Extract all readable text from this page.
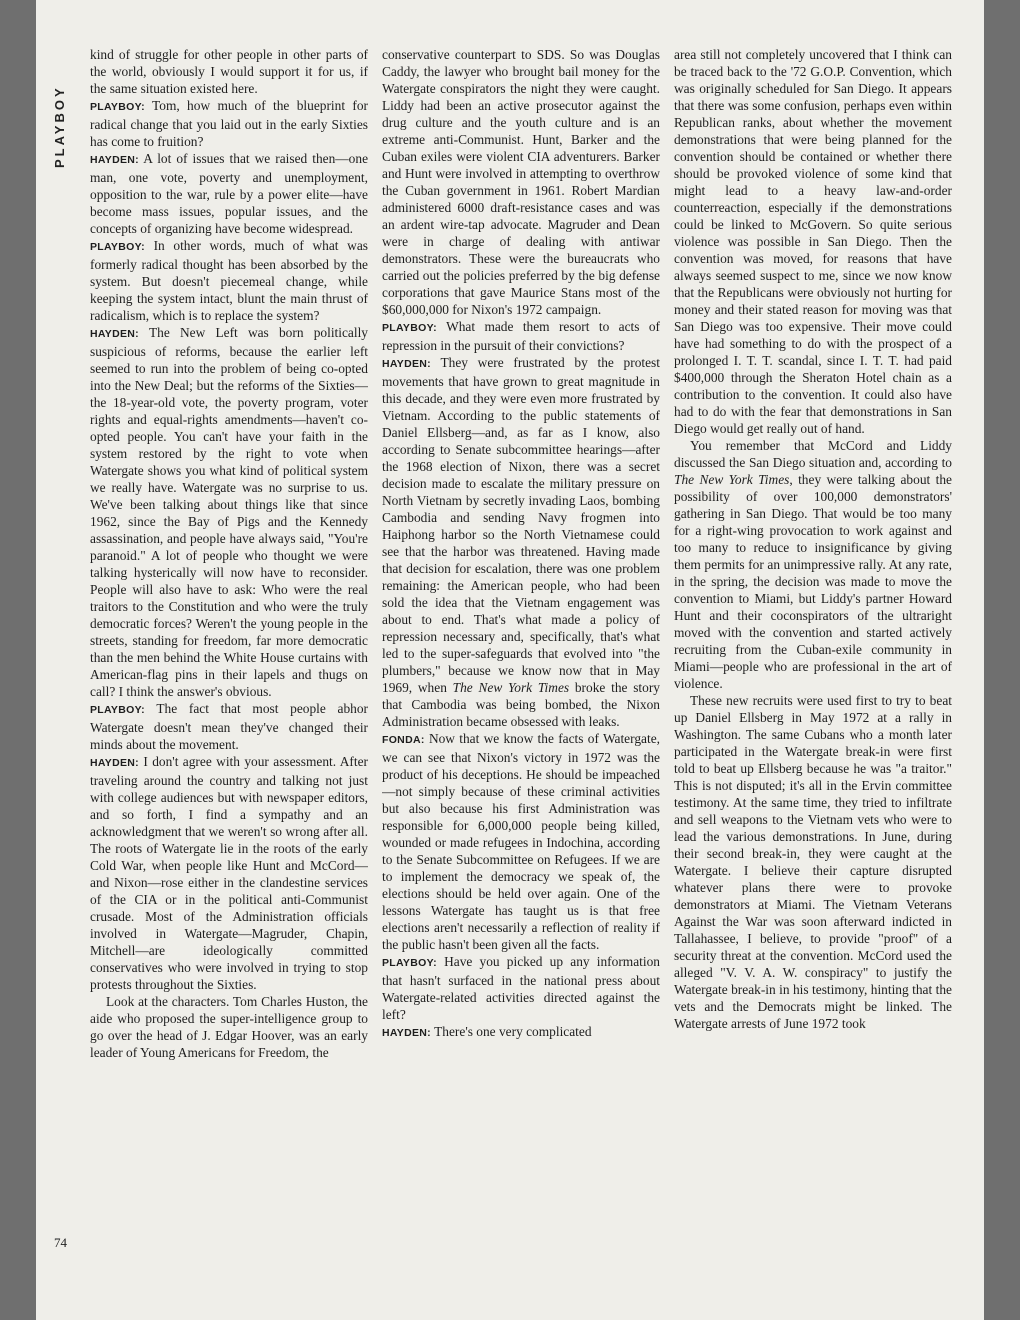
PLAYBOY

kind of struggle for other people in other parts of the world, obviously I would support it for us, if the same situation existed here.

PLAYBOY: Tom, how much of the blueprint for radical change that you laid out in the early Sixties has come to fruition?

HAYDEN: A lot of issues that we raised then—one man, one vote, poverty and unemployment, opposition to the war, rule by a power elite—have become mass issues, popular issues, and the concepts of organizing have become widespread.

PLAYBOY: In other words, much of what was formerly radical thought has been absorbed by the system. But doesn't piecemeal change, while keeping the system intact, blunt the main thrust of radicalism, which is to replace the system?

HAYDEN: The New Left was born politically suspicious of reforms, because the earlier left seemed to run into the problem of being co-opted into the New Deal; but the reforms of the Sixties—the 18-year-old vote, the poverty program, voter rights and equal-rights amendments—haven't co-opted people. You can't have your faith in the system restored by the right to vote when Watergate shows you what kind of political system we really have. Watergate was no surprise to us. We've been talking about things like that since 1962, since the Bay of Pigs and the Kennedy assassination, and people have always said, "You're paranoid." A lot of people who thought we were talking hysterically will now have to reconsider. People will also have to ask: Who were the real traitors to the Constitution and who were the truly democratic forces? Weren't the young people in the streets, standing for freedom, far more democratic than the men behind the White House curtains with American-flag pins in their lapels and thugs on call? I think the answer's obvious.

PLAYBOY: The fact that most people abhor Watergate doesn't mean they've changed their minds about the movement.

HAYDEN: I don't agree with your assessment. After traveling around the country and talking not just with college audiences but with newspaper editors, and so forth, I find a sympathy and an acknowledgment that we weren't so wrong after all. The roots of Watergate lie in the roots of the early Cold War, when people like Hunt and McCord—and Nixon—rose either in the clandestine services of the CIA or in the political anti-Communist crusade. Most of the Administration officials involved in Watergate—Magruder, Chapin, Mitchell—are ideologically committed conservatives who were involved in trying to stop protests throughout the Sixties.

Look at the characters. Tom Charles Huston, the aide who proposed the super-intelligence group to go over the head of J. Edgar Hoover, was an early leader of Young Americans for Freedom, the

conservative counterpart to SDS. So was Douglas Caddy, the lawyer who brought bail money for the Watergate conspirators the night they were caught. Liddy had been an active prosecutor against the drug culture and the youth culture and is an extreme anti-Communist. Hunt, Barker and the Cuban exiles were violent CIA adventurers. Barker and Hunt were involved in attempting to overthrow the Cuban government in 1961. Robert Mardian administered 6000 draft-resistance cases and was an ardent wire-tap advocate. Magruder and Dean were in charge of dealing with antiwar demonstrators. These were the bureaucrats who carried out the policies preferred by the big defense corporations that gave Maurice Stans most of the $60,000,000 for Nixon's 1972 campaign.

PLAYBOY: What made them resort to acts of repression in the pursuit of their convictions?

HAYDEN: They were frustrated by the protest movements that have grown to great magnitude in this decade, and they were even more frustrated by Vietnam. According to the public statements of Daniel Ellsberg—and, as far as I know, also according to Senate subcommittee hearings—after the 1968 election of Nixon, there was a secret decision made to escalate the military pressure on North Vietnam by secretly invading Laos, bombing Cambodia and sending Navy frogmen into Haiphong harbor so the North Vietnamese could see that the harbor was threatened. Having made that decision for escalation, there was one problem remaining: the American people, who had been sold the idea that the Vietnam engagement was about to end. That's what made a policy of repression necessary and, specifically, that's what led to the super-safeguards that evolved into "the plumbers," because we know now that in May 1969, when The New York Times broke the story that Cambodia was being bombed, the Nixon Administration became obsessed with leaks.

FONDA: Now that we know the facts of Watergate, we can see that Nixon's victory in 1972 was the product of his deceptions. He should be impeached—not simply because of these criminal activities but also because his first Administration was responsible for 6,000,000 people being killed, wounded or made refugees in Indochina, according to the Senate Subcommittee on Refugees. If we are to implement the democracy we speak of, the elections should be held over again. One of the lessons Watergate has taught us is that free elections aren't necessarily a reflection of reality if the public hasn't been given all the facts.

PLAYBOY: Have you picked up any information that hasn't surfaced in the national press about Watergate-related activities directed against the left?

HAYDEN: There's one very complicated

area still not completely uncovered that I think can be traced back to the '72 G.O.P. Convention, which was originally scheduled for San Diego. It appears that there was some confusion, perhaps even within Republican ranks, about whether the movement demonstrations that were being planned for the convention should be contained or whether there should be provoked violence of some kind that might lead to a heavy law-and-order counterreaction, especially if the demonstrations could be linked to McGovern. So quite serious violence was possible in San Diego. Then the convention was moved, for reasons that have always seemed suspect to me, since we now know that the Republicans were obviously not hurting for money and their stated reason for moving was that San Diego was too expensive. Their move could have had something to do with the prospect of a prolonged I. T. T. scandal, since I. T. T. had paid $400,000 through the Sheraton Hotel chain as a contribution to the convention. It could also have had to do with the fear that demonstrations in San Diego would get really out of hand.

You remember that McCord and Liddy discussed the San Diego situation and, according to The New York Times, they were talking about the possibility of over 100,000 demonstrators' gathering in San Diego. That would be too many for a right-wing provocation to work against and too many to reduce to insignificance by giving them permits for an unimpressive rally. At any rate, in the spring, the decision was made to move the convention to Miami, but Liddy's partner Howard Hunt and their coconspirators of the ultraright moved with the convention and started actively recruiting from the Cuban-exile community in Miami—people who are professional in the art of violence.

These new recruits were used first to try to beat up Daniel Ellsberg in May 1972 at a rally in Washington. The same Cubans who a month later participated in the Watergate break-in were first told to beat up Ellsberg because he was "a traitor." This is not disputed; it's all in the Ervin committee testimony. At the same time, they tried to infiltrate and sell weapons to the Vietnam vets who were to lead the various demonstrations. In June, during their second break-in, they were caught at the Watergate. I believe their capture disrupted whatever plans there were to provoke demonstrators at Miami. The Vietnam Veterans Against the War was soon afterward indicted in Tallahassee, I believe, to provide "proof" of a security threat at the convention. McCord used the alleged "V. V. A. W. conspiracy" to justify the Watergate break-in in his testimony, hinting that the vets and the Democrats might be linked. The Watergate arrests of June 1972 took

74
